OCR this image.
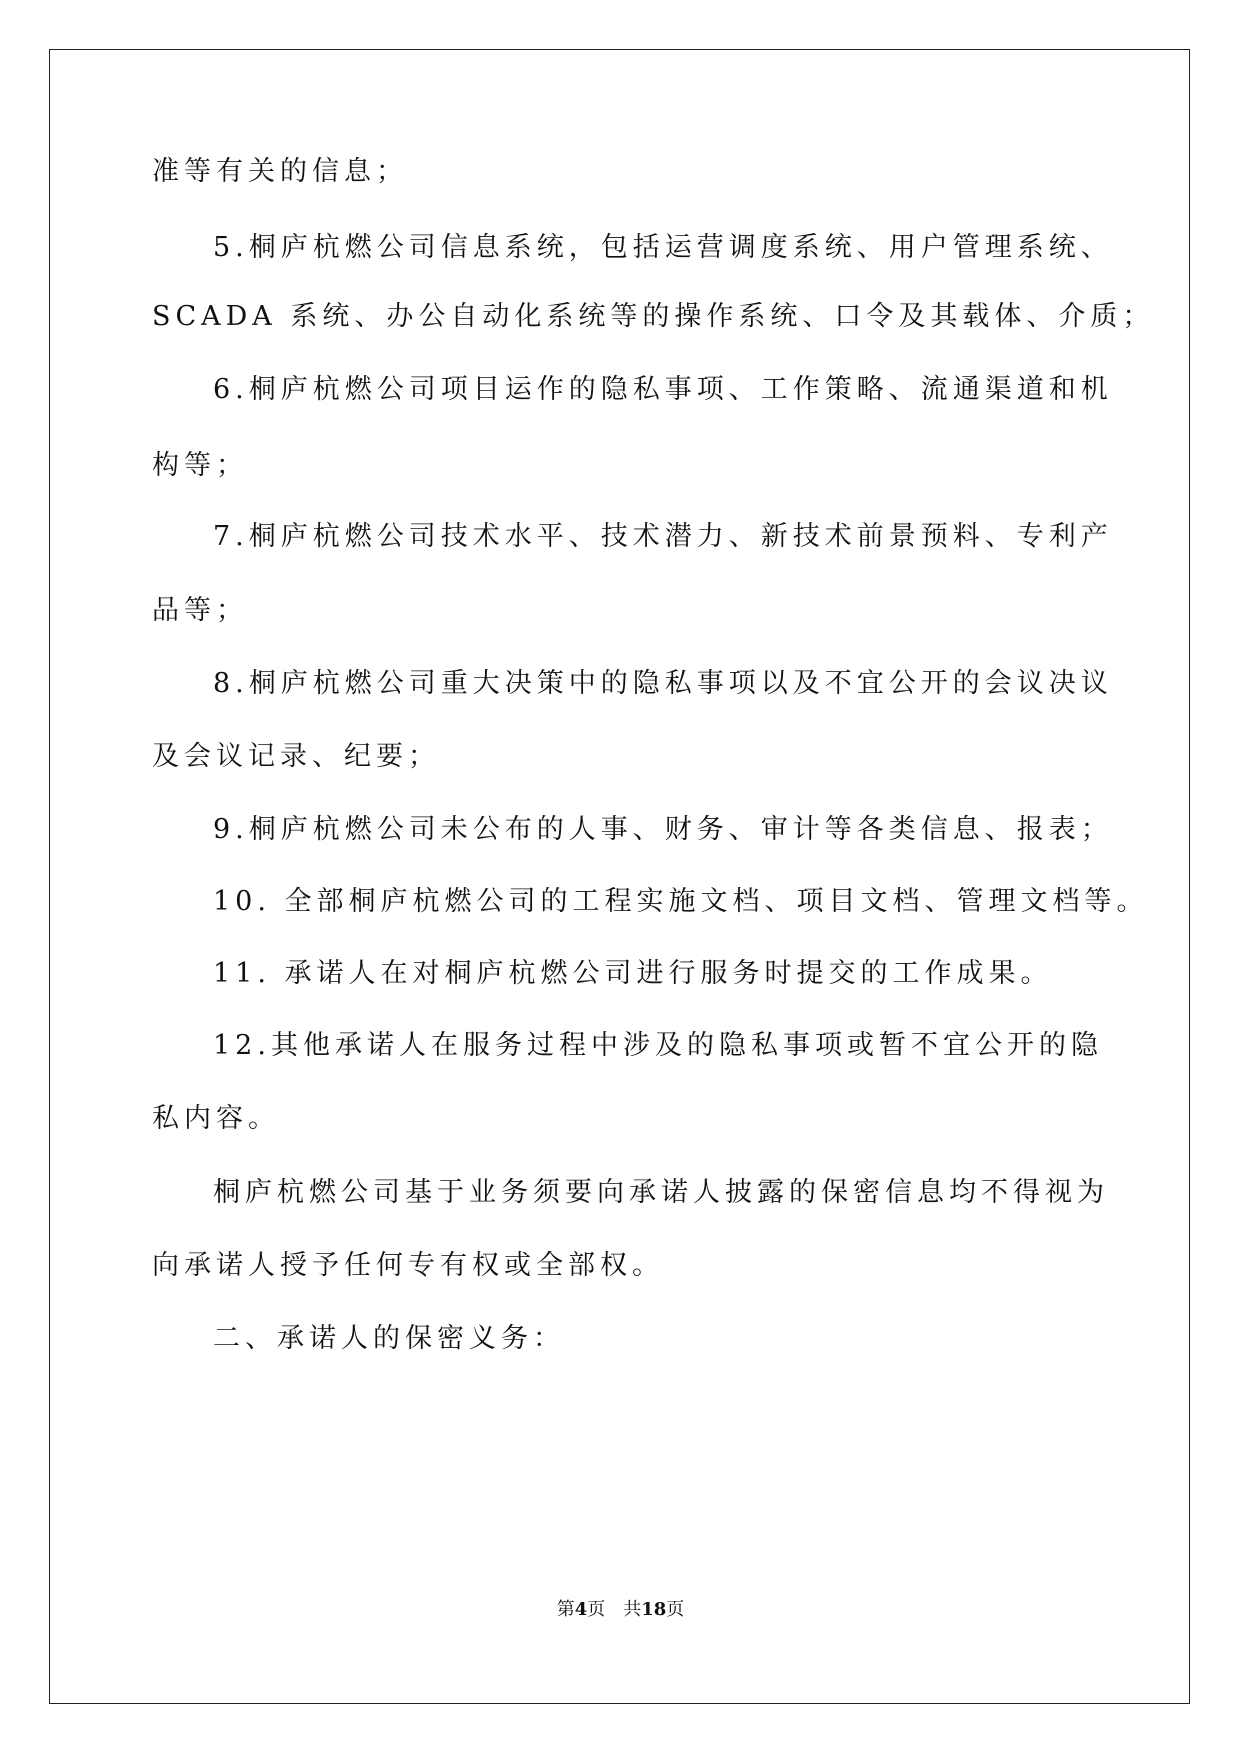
准等有关的信息；
5.桐庐杭燃公司信息系统，包括运营调度系统、用户管理系统、
SCADA 系统、办公自动化系统等的操作系统、口令及其载体、介质；
6.桐庐杭燃公司项目运作的隐私事项、工作策略、流通渠道和机
构等；
7.桐庐杭燃公司技术水平、技术潜力、新技术前景预料、专利产
品等；
8.桐庐杭燃公司重大决策中的隐私事项以及不宜公开的会议决议
及会议记录、纪要；
9.桐庐杭燃公司未公布的人事、财务、审计等各类信息、报表；
10. 全部桐庐杭燃公司的工程实施文档、项目文档、管理文档等。
11. 承诺人在对桐庐杭燃公司进行服务时提交的工作成果。
12.其他承诺人在服务过程中涉及的隐私事项或暂不宜公开的隐
私内容。
桐庐杭燃公司基于业务须要向承诺人披露的保密信息均不得视为
向承诺人授予任何专有权或全部权。
二、承诺人的保密义务：
第4页 共18页
